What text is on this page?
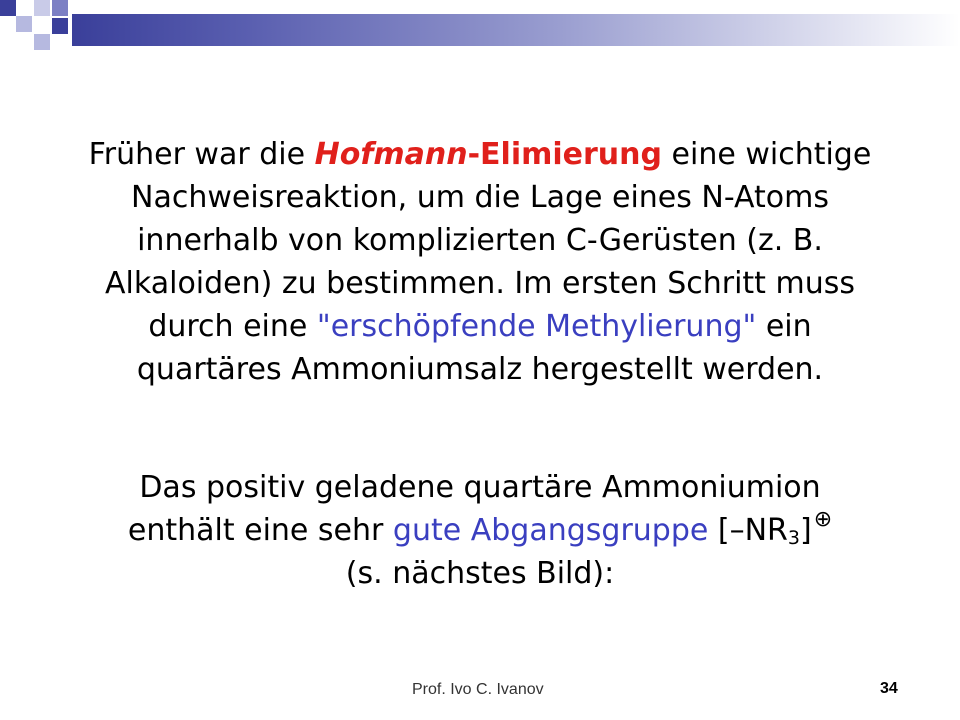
Früher war die Hofmann-Elimierung eine wichtige
Nachweisreaktion, um die Lage eines N-Atoms
innerhalb von komplizierten C-Gerüsten (z. B.
Alkaloiden) zu bestimmen. Im ersten Schritt muss
durch eine "erschöpfende Methylierung" ein
quartäres Ammoniumsalz hergestellt werden.
Das positiv geladene quartäre Ammoniumion
enthält eine sehr gute Abgangsgruppe $[-NR_3]^\oplus$
(s. nächstes Bild):
Prof. Ivo C. Ivanov	34
